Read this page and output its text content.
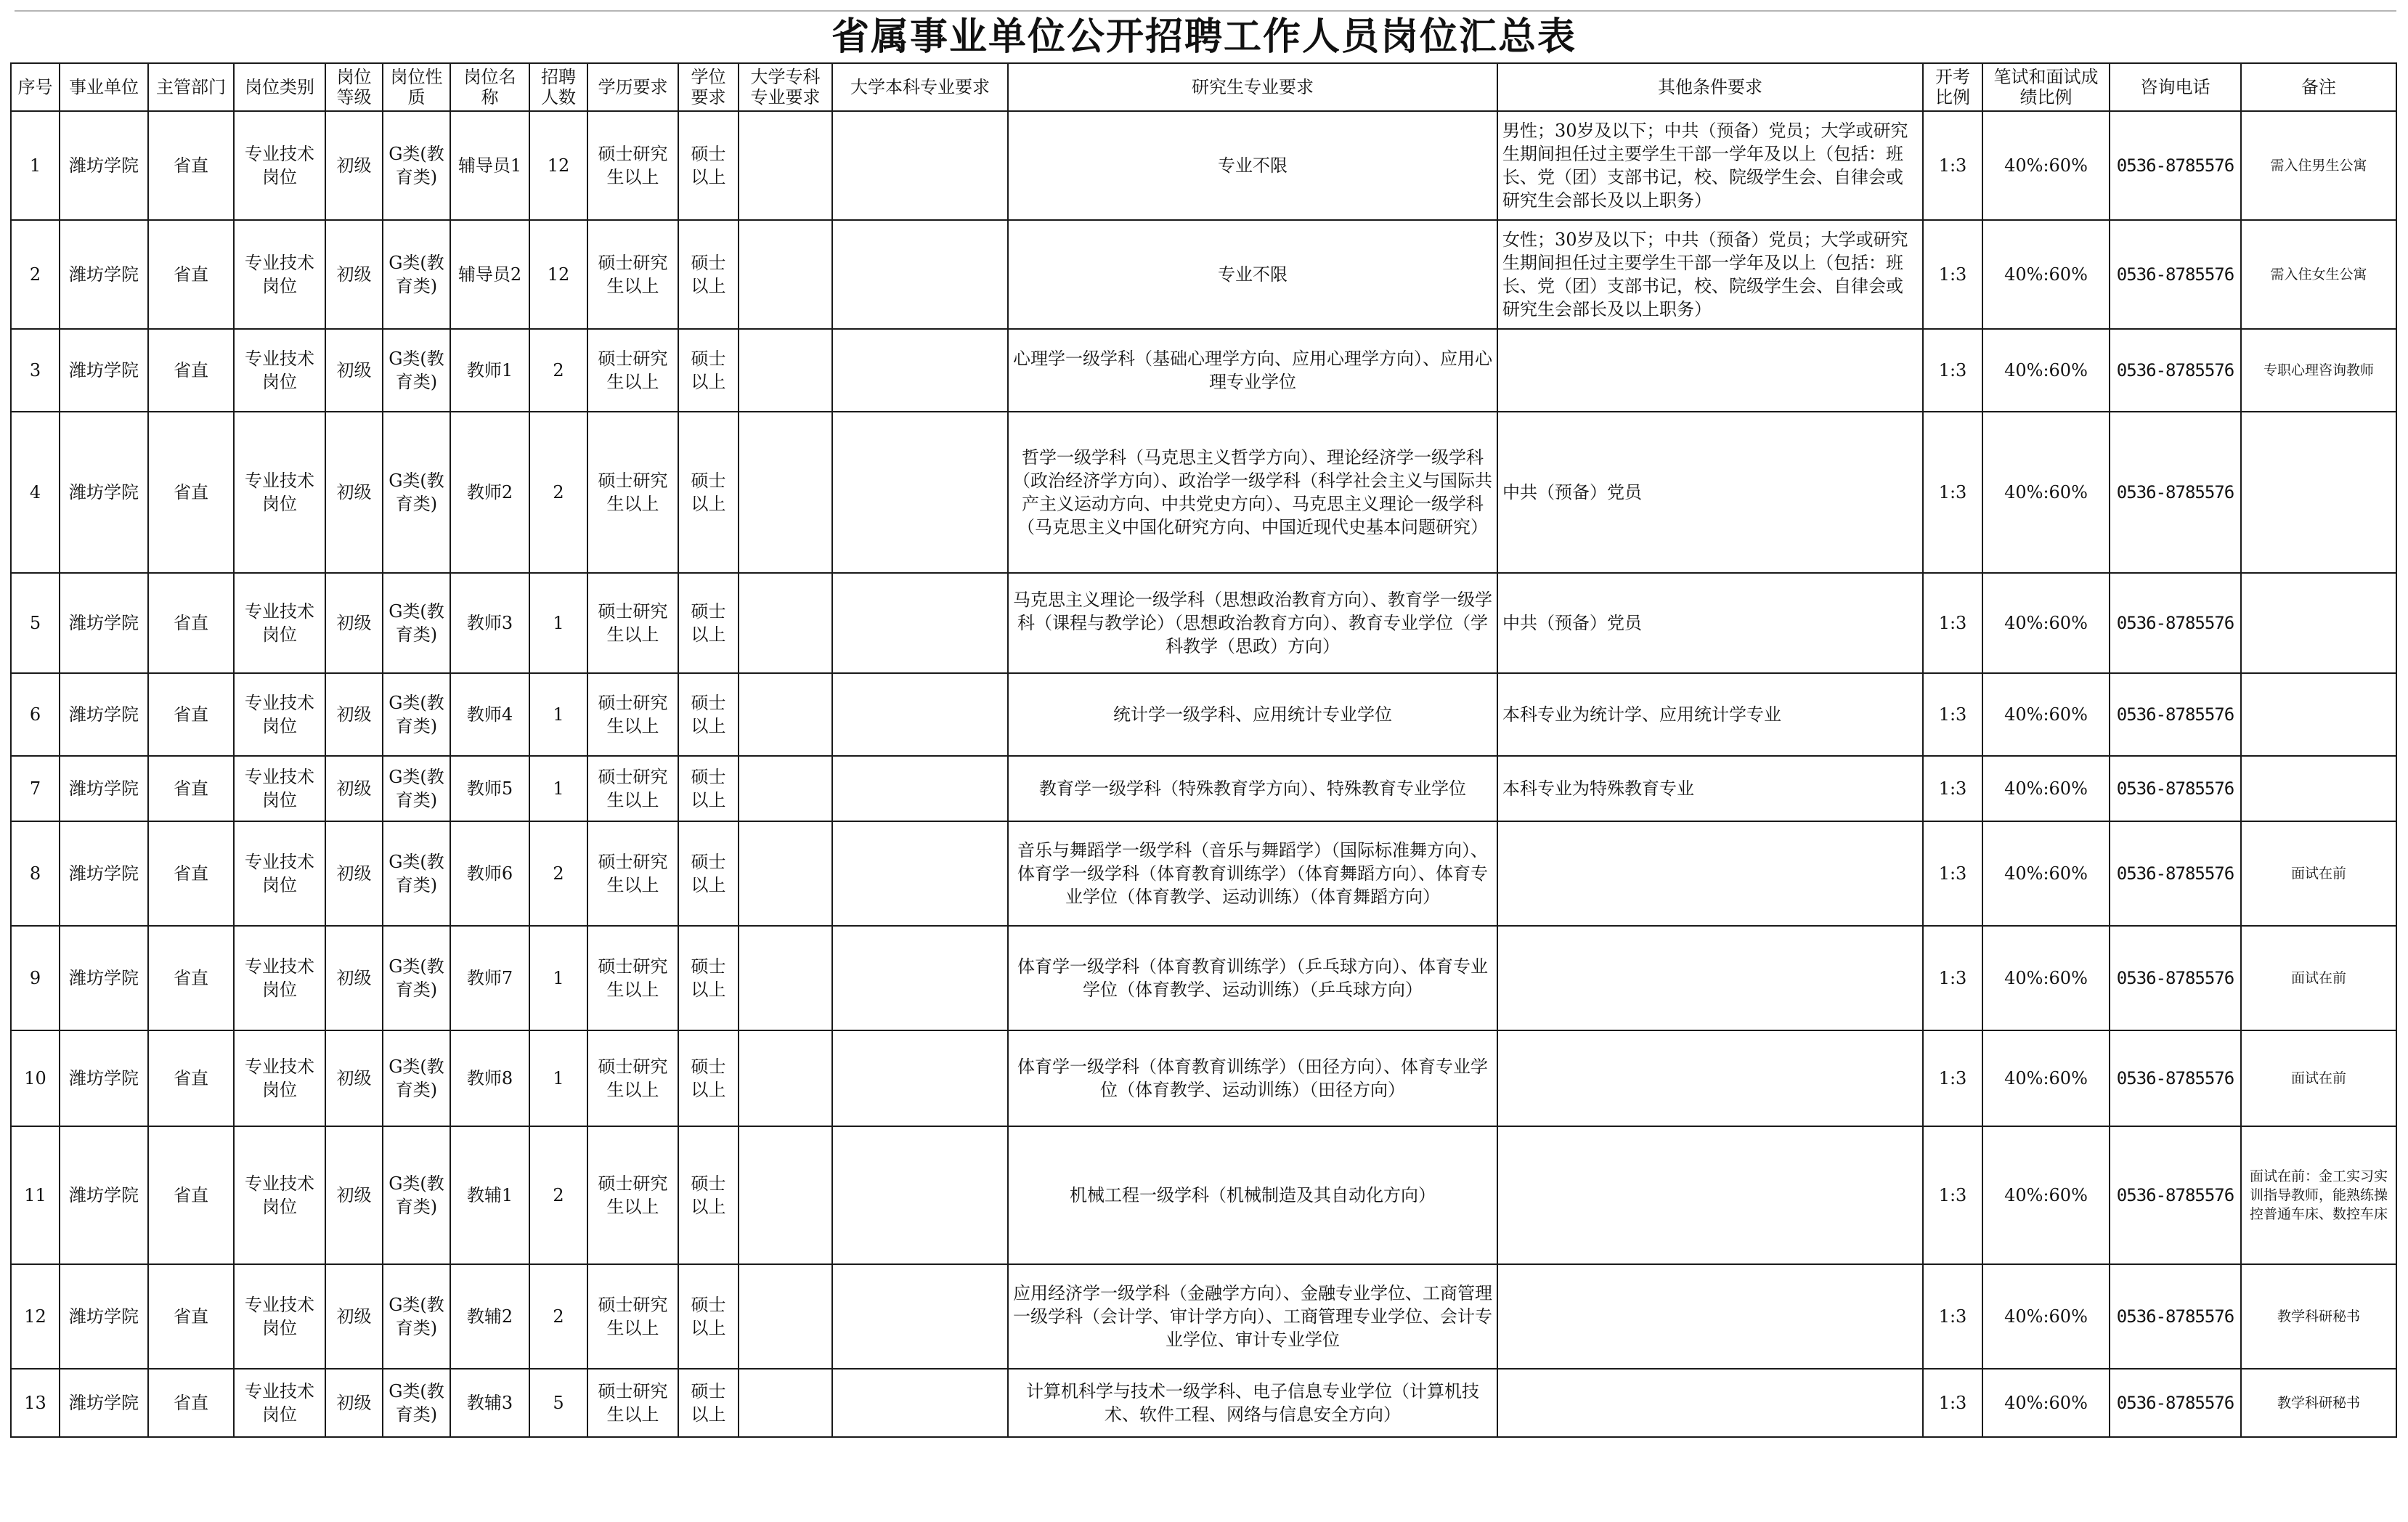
省属事业单位公开招聘工作人员岗位汇总表
序号	事业单位	主管部门	岗位类别	岗位等级	岗位性质	岗位名称	招聘人数	学历要求	学位要求	大学专科专业要求	大学本科专业要求	研究生专业要求	其他条件要求	开考比例	笔试和面试成绩比例	咨询电话	备注
1	潍坊学院	省直	专业技术岗位	初级	G类(教育类)	辅导员1	12	硕士研究生以上	硕士以上			专业不限	男性；30岁及以下；中共（预备）党员；大学或研究生期间担任过主要学生干部一学年及以上（包括：班长、党（团）支部书记，校、院级学生会、自律会或研究生会部长及以上职务）	1:3	40%:60%	0536-8785576	需入住男生公寓
2	潍坊学院	省直	专业技术岗位	初级	G类(教育类)	辅导员2	12	硕士研究生以上	硕士以上			专业不限	女性；30岁及以下；中共（预备）党员；大学或研究生期间担任过主要学生干部一学年及以上（包括：班长、党（团）支部书记，校、院级学生会、自律会或研究生会部长及以上职务）	1:3	40%:60%	0536-8785576	需入住女生公寓
3	潍坊学院	省直	专业技术岗位	初级	G类(教育类)	教师1	2	硕士研究生以上	硕士以上			心理学一级学科（基础心理学方向、应用心理学方向）、应用心理专业学位		1:3	40%:60%	0536-8785576	专职心理咨询教师
4	潍坊学院	省直	专业技术岗位	初级	G类(教育类)	教师2	2	硕士研究生以上	硕士以上			哲学一级学科（马克思主义哲学方向）、理论经济学一级学科（政治经济学方向）、政治学一级学科（科学社会主义与国际共产主义运动方向、中共党史方向）、马克思主义理论一级学科（马克思主义中国化研究方向、中国近现代史基本问题研究）	中共（预备）党员	1:3	40%:60%	0536-8785576	
5	潍坊学院	省直	专业技术岗位	初级	G类(教育类)	教师3	1	硕士研究生以上	硕士以上			马克思主义理论一级学科（思想政治教育方向）、教育学一级学科（课程与教学论）（思想政治教育方向）、教育专业学位（学科教学（思政）方向）	中共（预备）党员	1:3	40%:60%	0536-8785576	
6	潍坊学院	省直	专业技术岗位	初级	G类(教育类)	教师4	1	硕士研究生以上	硕士以上			统计学一级学科、应用统计专业学位	本科专业为统计学、应用统计学专业	1:3	40%:60%	0536-8785576	
7	潍坊学院	省直	专业技术岗位	初级	G类(教育类)	教师5	1	硕士研究生以上	硕士以上			教育学一级学科（特殊教育学方向）、特殊教育专业学位	本科专业为特殊教育专业	1:3	40%:60%	0536-8785576	
8	潍坊学院	省直	专业技术岗位	初级	G类(教育类)	教师6	2	硕士研究生以上	硕士以上			音乐与舞蹈学一级学科（音乐与舞蹈学）（国际标准舞方向）、体育学一级学科（体育教育训练学）（体育舞蹈方向）、体育专业学位（体育教学、运动训练）（体育舞蹈方向）		1:3	40%:60%	0536-8785576	面试在前
9	潍坊学院	省直	专业技术岗位	初级	G类(教育类)	教师7	1	硕士研究生以上	硕士以上			体育学一级学科（体育教育训练学）（乒乓球方向）、体育专业学位（体育教学、运动训练）（乒乓球方向）		1:3	40%:60%	0536-8785576	面试在前
10	潍坊学院	省直	专业技术岗位	初级	G类(教育类)	教师8	1	硕士研究生以上	硕士以上			体育学一级学科（体育教育训练学）（田径方向）、体育专业学位（体育教学、运动训练）（田径方向）		1:3	40%:60%	0536-8785576	面试在前
11	潍坊学院	省直	专业技术岗位	初级	G类(教育类)	教辅1	2	硕士研究生以上	硕士以上			机械工程一级学科（机械制造及其自动化方向）		1:3	40%:60%	0536-8785576	面试在前：金工实习实训指导教师，能熟练操控普通车床、数控车床
12	潍坊学院	省直	专业技术岗位	初级	G类(教育类)	教辅2	2	硕士研究生以上	硕士以上			应用经济学一级学科（金融学方向）、金融专业学位、工商管理一级学科（会计学、审计学方向）、工商管理专业学位、会计专业学位、审计专业学位		1:3	40%:60%	0536-8785576	教学科研秘书
13	潍坊学院	省直	专业技术岗位	初级	G类(教育类)	教辅3	5	硕士研究生以上	硕士以上			计算机科学与技术一级学科、电子信息专业学位（计算机技术、软件工程、网络与信息安全方向）		1:3	40%:60%	0536-8785576	教学科研秘书
